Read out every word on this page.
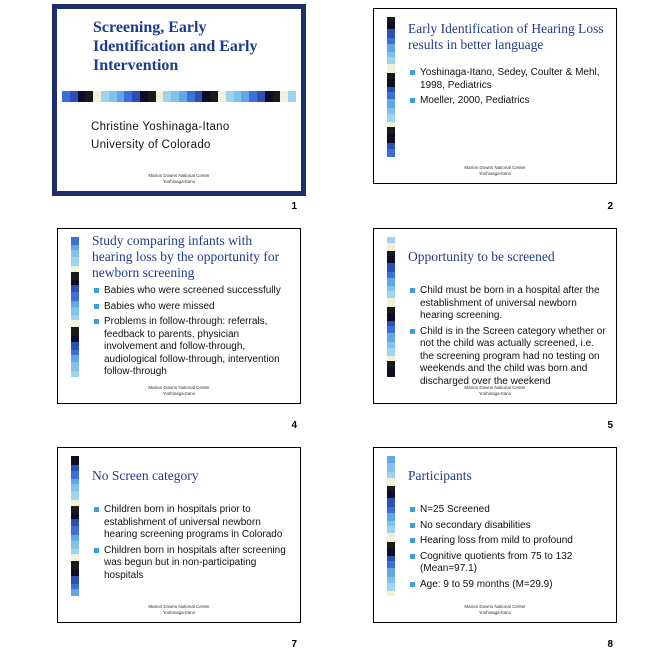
Screening, Early Identification and Early Intervention
Christine Yoshinaga-Itano
University of Colorado
Marion Downs National Center
Yoshinaga-Itano
1
Early Identification of Hearing Loss results in better language
Yoshinaga-Itano, Sedey, Coulter & Mehl, 1998, Pediatrics
Moeller, 2000, Pediatrics
Marion Downs National Center
Yoshinaga-Itano
2
Study comparing infants with hearing loss by the opportunity for newborn screening
Babies who were screened successfully
Babies who were missed
Problems in follow-through: referrals, feedback to parents, physician involvement and follow-through, audiological follow-through, intervention follow-through
Marion Downs National Center
Yoshinaga-Itano
4
Opportunity to be screened
Child must be born in a hospital after the establishment of universal newborn hearing screening.
Child is in the Screen category whether or not the child was actually screened, i.e. the screening program had no testing on weekends and the child was born and discharged over the weekend
Marion Downs National Center
Yoshinaga-Itano
5
No Screen category
Children born in hospitals prior to establishment of universal newborn hearing screening programs in Colorado
Children born in hospitals after screening was begun but in non-participating hospitals
Marion Downs National Center
Yoshinaga-Itano
7
Participants
N=25 Screened
No secondary disabilities
Hearing loss from mild to profound
Cognitive quotients from 75 to 132 (Mean=97.1)
Age: 9 to 59 months (M=29.9)
Marion Downs National Center
Yoshinaga-Itano
8
